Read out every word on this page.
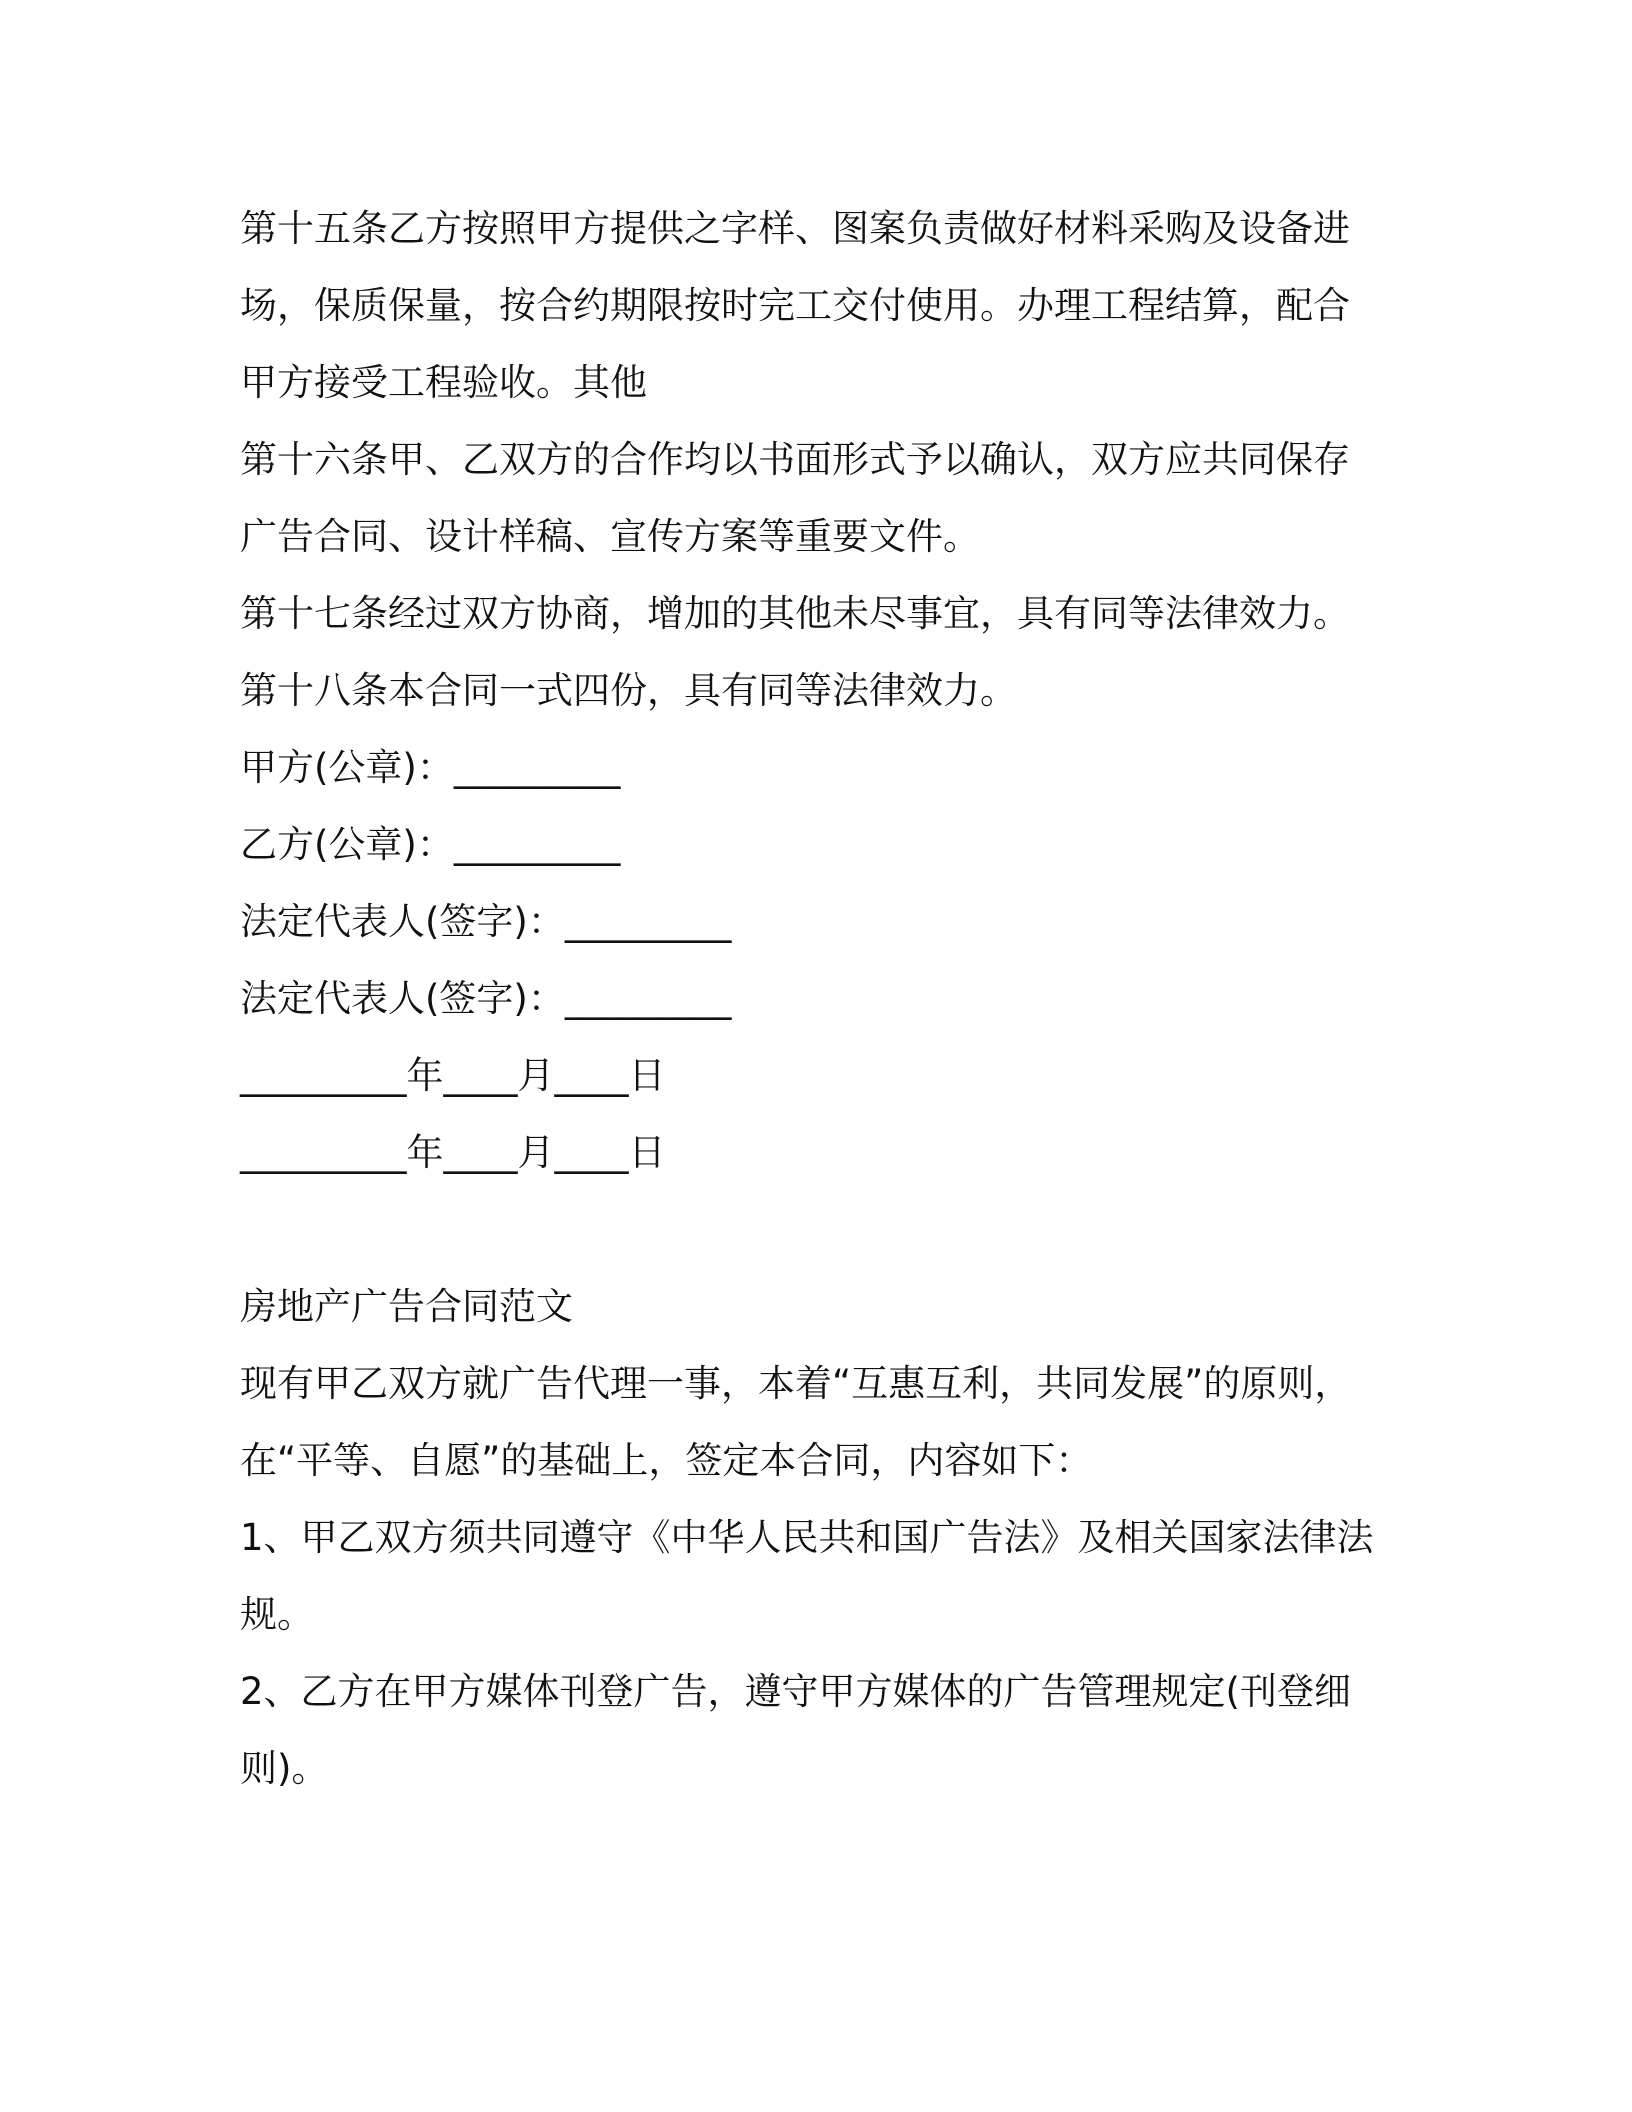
第十五条乙方按照甲方提供之字样、图案负责做好材料采购及设备进
场，保质保量，按合约期限按时完工交付使用。办理工程结算，配合
甲方接受工程验收。其他
第十六条甲、乙双方的合作均以书面形式予以确认，双方应共同保存
广告合同、设计样稿、宣传方案等重要文件。
第十七条经过双方协商，增加的其他未尽事宜，具有同等法律效力。
第十八条本合同一式四份，具有同等法律效力。
甲方(公章)：_________
乙方(公章)：_________
法定代表人(签字)：_________
法定代表人(签字)：_________
_________年____月____日
_________年____月____日
房地产广告合同范文
现有甲乙双方就广告代理一事，本着“互惠互利，共同发展”的原则，
在“平等、自愿”的基础上，签定本合同，内容如下：
1、甲乙双方须共同遵守《中华人民共和国广告法》及相关国家法律法
规。
2、乙方在甲方媒体刊登广告，遵守甲方媒体的广告管理规定(刊登细
则)。
